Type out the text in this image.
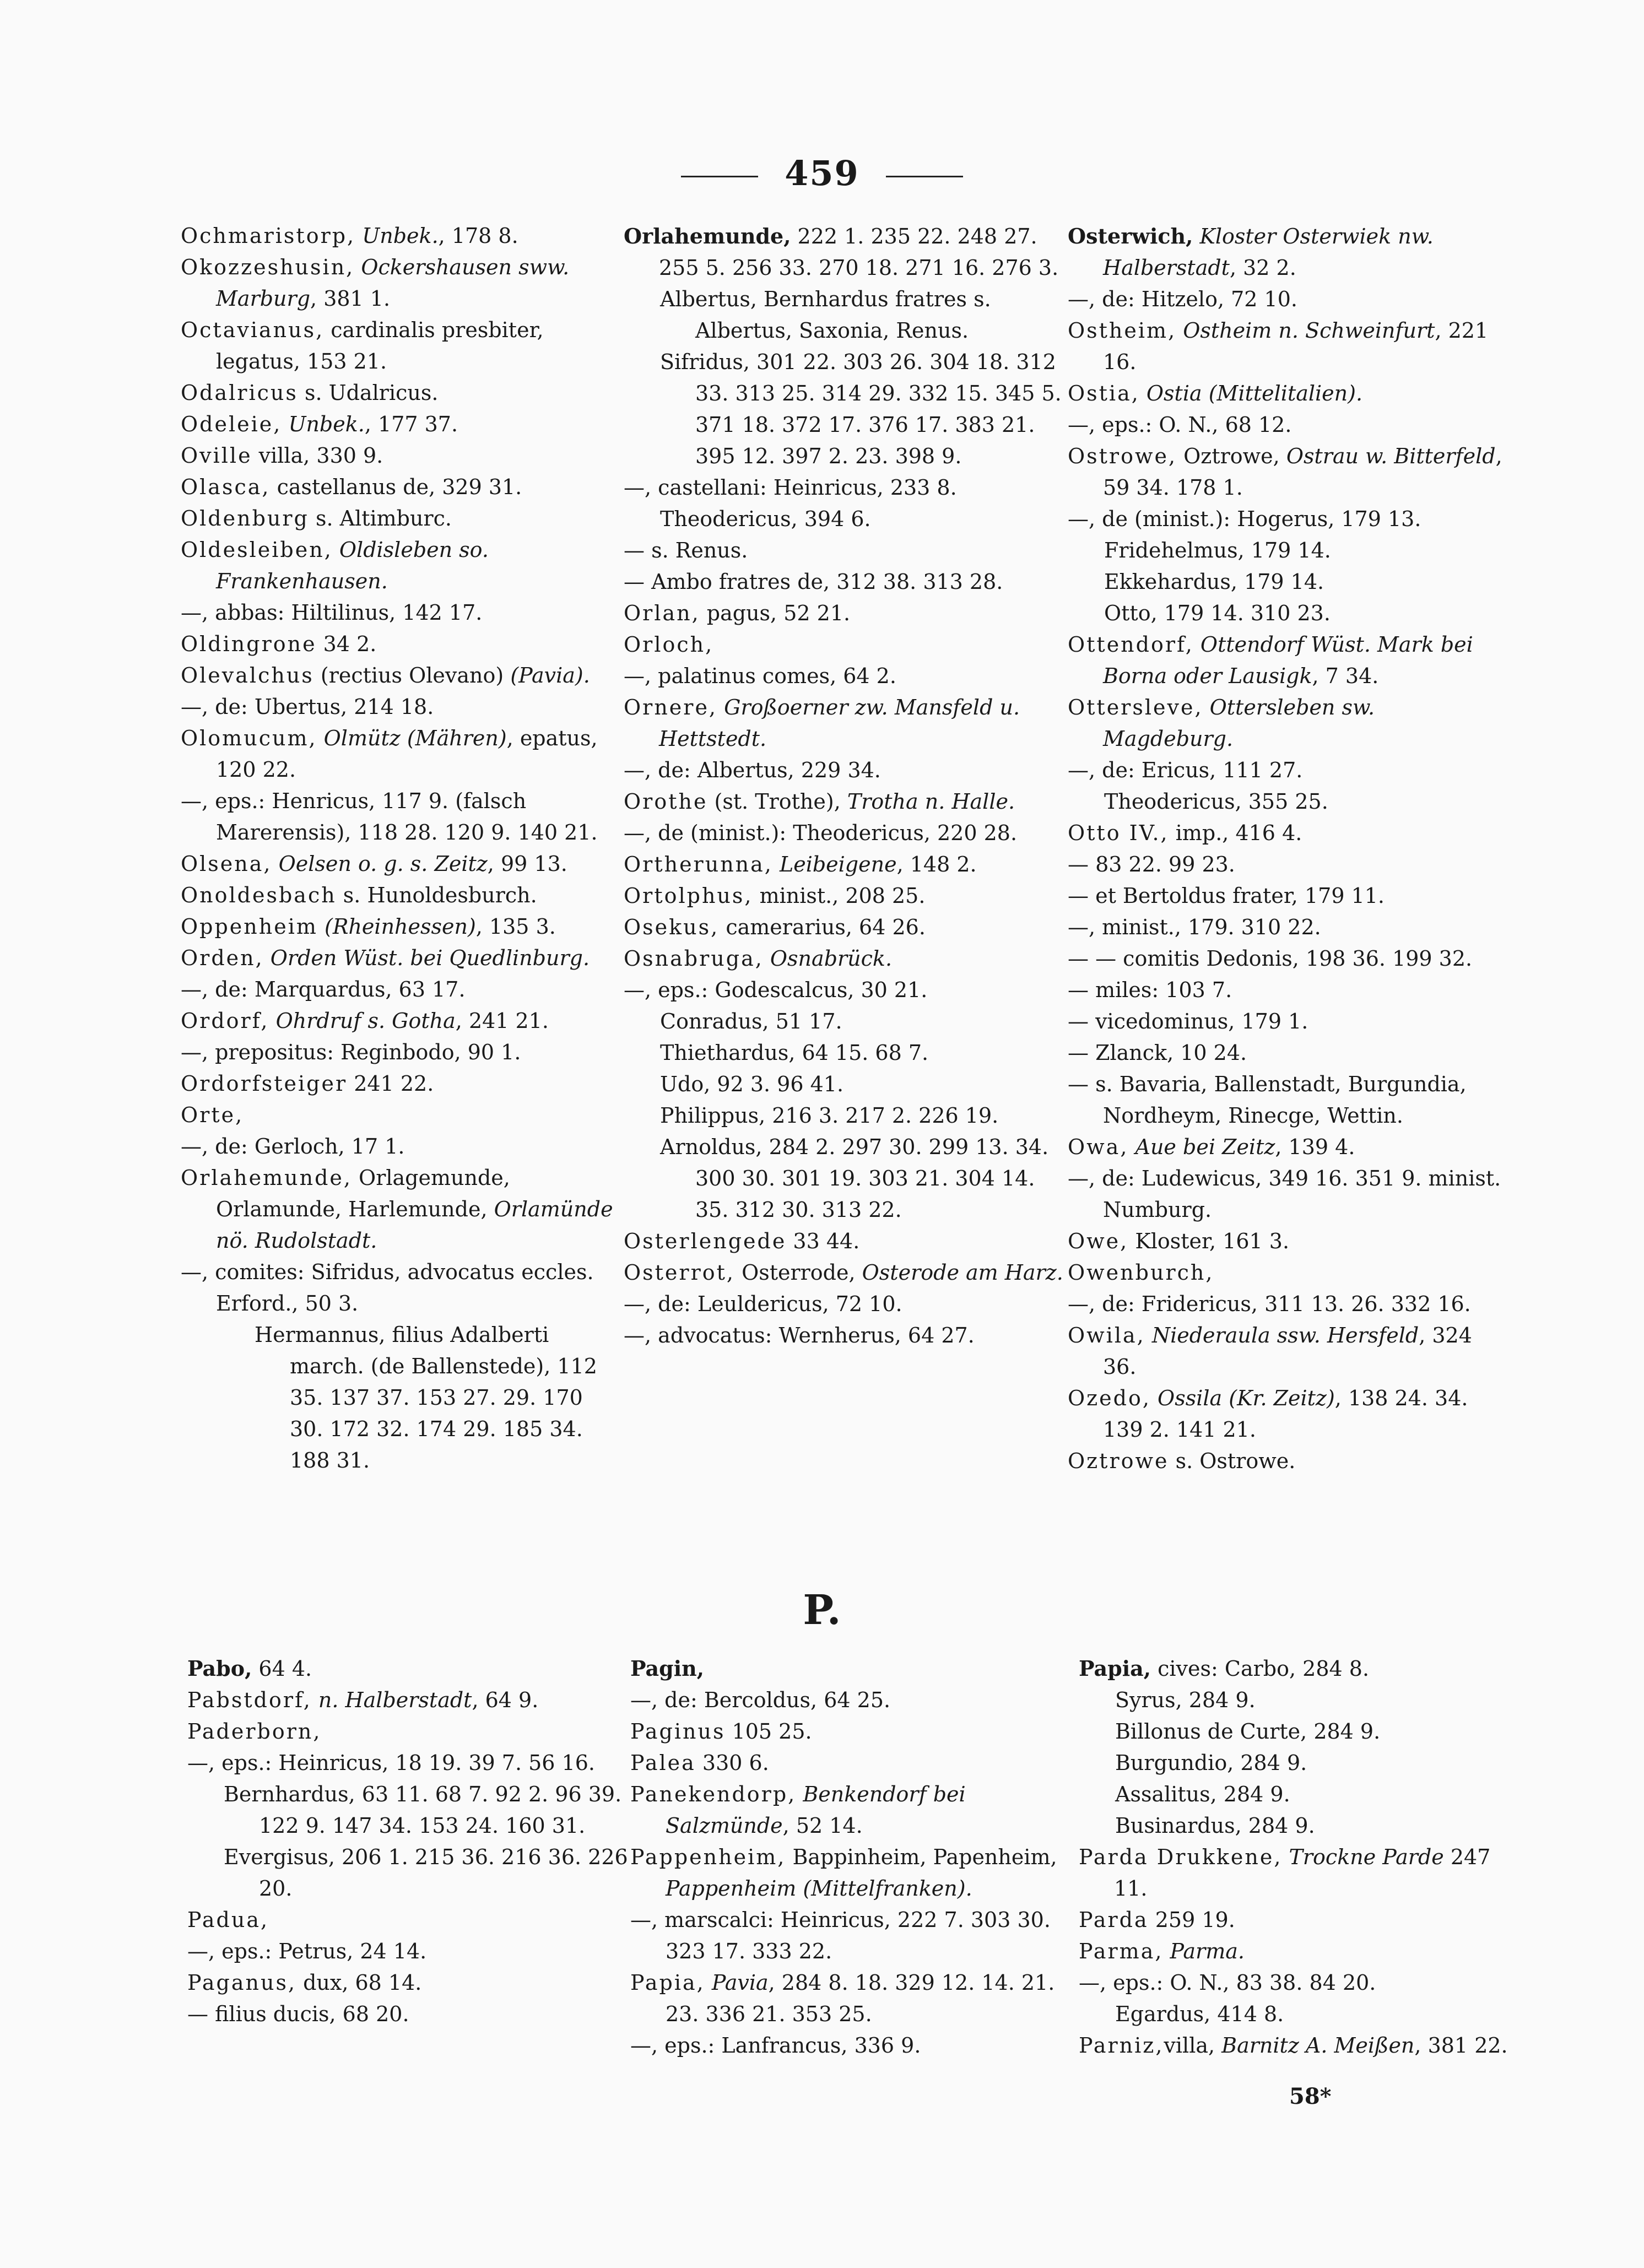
459

Ochmaristorp, Unbek., 178 8.

Okozzeshusin, Ockershausen sww. Marburg, 381 1.

Octavianus, cardinalis presbiter, legatus, 153 21.

Odalricus s. Udalricus.

Odeleie, Unbek., 177 37.

Oville villa, 330 9.

Olasca, castellanus de, 329 31.

Oldenburg s. Altimburc.

Oldesleiben, Oldisleben so. Frankenhausen.

—, abbas: Hiltilinus, 142 17.

Oldingrone 34 2.

Olevalchus (rectius Olevano) (Pavia).

—, de: Ubertus, 214 18.

Olomucum, Olmütz (Mähren), epatus, 120 22.

—, eps.: Henricus, 117 9. (falsch Marerensis), 118 28. 120 9. 140 21.

Olsena, Oelsen o. g. s. Zeitz, 99 13.

Onoldesbach s. Hunoldesburch.

Oppenheim (Rheinhessen), 135 3.

Orden, Orden Wüst. bei Quedlinburg.

—, de: Marquardus, 63 17.

Ordorf, Ohrdruf s. Gotha, 241 21.

—, prepositus: Reginbodo, 90 1.

Ordorfsteiger 241 22.

Orte,

—, de: Gerloch, 17 1.

Orlahemunde, Orlagemunde, Orlamunde, Harlemunde, Orlamünde nö. Rudolstadt.

—, comites: Sifridus, advocatus eccles. Erford., 50 3.

Hermannus, filius Adalberti march. (de Ballenstede), 112 35. 137 37. 153 27. 29. 170 30. 172 32. 174 29. 185 34. 188 31.

Orlahemunde, 222 1. 235 22. 248 27. 255 5. 256 33. 270 18. 271 16. 276 3.

Albertus, Bernhardus fratres s. Albertus, Saxonia, Renus.

Sifridus, 301 22. 303 26. 304 18. 312 33. 313 25. 314 29. 332 15. 345 5. 371 18. 372 17. 376 17. 383 21. 395 12. 397 2. 23. 398 9.

—, castellani: Heinricus, 233 8.

Theodericus, 394 6.

— s. Renus.

— Ambo fratres de, 312 38. 313 28.

Orlan, pagus, 52 21.

Orloch,

—, palatinus comes, 64 2.

Ornere, Großoerner zw. Mansfeld u. Hettstedt.

—, de: Albertus, 229 34.

Orothe (st. Trothe), Trotha n. Halle.

—, de (minist.): Theodericus, 220 28.

Ortherunna, Leibeigene, 148 2.

Ortolphus, minist., 208 25.

Osekus, camerarius, 64 26.

Osnabruga, Osnabrück.

—, eps.: Godescalcus, 30 21.

Conradus, 51 17.

Thiethardus, 64 15. 68 7.

Udo, 92 3. 96 41.

Philippus, 216 3. 217 2. 226 19.

Arnoldus, 284 2. 297 30. 299 13. 34. 300 30. 301 19. 303 21. 304 14. 35. 312 30. 313 22.

Osterlengede 33 44.

Osterrot, Osterrode, Osterode am Harz.

—, de: Leuldericus, 72 10.

—, advocatus: Wernherus, 64 27.

Osterwich, Kloster Osterwiek nw. Halberstadt, 32 2.

—, de: Hitzelo, 72 10.

Ostheim, Ostheim n. Schweinfurt, 221 16.

Ostia, Ostia (Mittelitalien).

—, eps.: O. N., 68 12.

Ostrowe, Oztrowe, Ostrau w. Bitterfeld, 59 34. 178 1.

—, de (minist.): Hogerus, 179 13.

Fridehelmus, 179 14.

Ekkehardus, 179 14.

Otto, 179 14. 310 23.

Ottendorf, Ottendorf Wüst. Mark bei Borna oder Lausigk, 7 34.

Ottersleve, Ottersleben sw. Magdeburg.

—, de: Ericus, 111 27.

Theodericus, 355 25.

Otto IV., imp., 416 4.

— 83 22. 99 23.

— et Bertoldus frater, 179 11.

—, minist., 179. 310 22.

— — comitis Dedonis, 198 36. 199 32.

— miles: 103 7.

— vicedominus, 179 1.

— Zlanck, 10 24.

— s. Bavaria, Ballenstadt, Burgundia, Nordheym, Rinecge, Wettin.

Owa, Aue bei Zeitz, 139 4.

—, de: Ludewicus, 349 16. 351 9. minist. Numburg.

Owe, Kloster, 161 3.

Owenburch,

—, de: Fridericus, 311 13. 26. 332 16.

Owila, Niederaula ssw. Hersfeld, 324 36.

Ozedo, Ossila (Kr. Zeitz), 138 24. 34. 139 2. 141 21.

Oztrowe s. Ostrowe.

P.

Pabo, 64 4.

Pabstdorf, n. Halberstadt, 64 9.

Paderborn,

—, eps.: Heinricus, 18 19. 39 7. 56 16.

Bernhardus, 63 11. 68 7. 92 2. 96 39. 122 9. 147 34. 153 24. 160 31.

Evergisus, 206 1. 215 36. 216 36. 226 20.

Padua,

—, eps.: Petrus, 24 14.

Paganus, dux, 68 14.

— filius ducis, 68 20.

Pagin,

—, de: Bercoldus, 64 25.

Paginus 105 25.

Palea 330 6.

Panekendorp, Benkendorf bei Salzmünde, 52 14.

Pappenheim, Bappinheim, Papenheim, Pappenheim (Mittelfranken).

—, marscalci: Heinricus, 222 7. 303 30. 323 17. 333 22.

Papia, Pavia, 284 8. 18. 329 12. 14. 21. 23. 336 21. 353 25.

—, eps.: Lanfrancus, 336 9.

Papia, cives: Carbo, 284 8.

Syrus, 284 9.

Billonus de Curte, 284 9.

Burgundio, 284 9.

Assalitus, 284 9.

Businardus, 284 9.

Parda Drukkene, Trockne Parde 247 11.

Parda 259 19.

Parma, Parma.

—, eps.: O. N., 83 38. 84 20.

Egardus, 414 8.

Parniz,villa, Barnitz A. Meißen, 381 22.

58*
